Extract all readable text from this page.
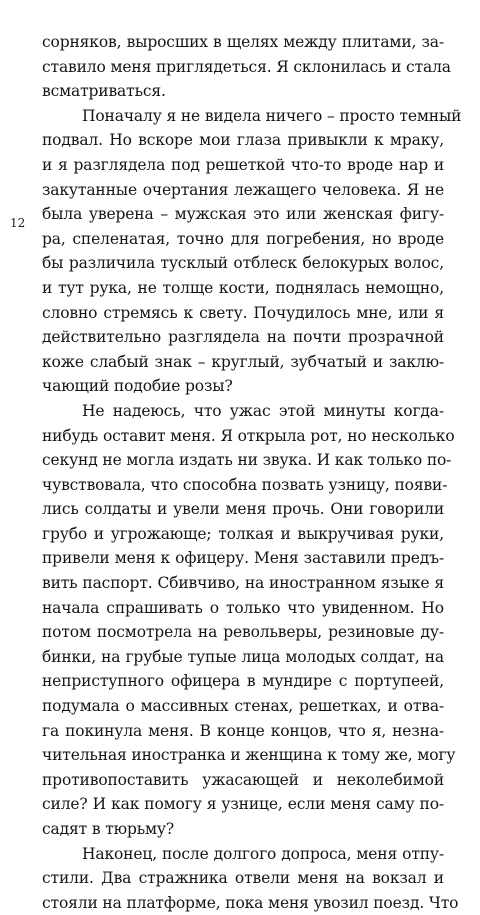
12
сорняков, выросших в щелях между плитами, за-
ставило меня приглядеться. Я склонилась и стала
всматриваться.
Поначалу я не видела ничего – просто темный
подвал. Но вскоре мои глаза привыкли к мраку,
и я разглядела под решеткой что-то вроде нар и
закутанные очертания лежащего человека. Я не
была уверена – мужская это или женская фигу-
ра, спеленатая, точно для погребения, но вроде
бы различила тусклый отблеск белокурых волос,
и тут рука, не толще кости, поднялась немощно,
словно стремясь к свету. Почудилось мне, или я
действительно разглядела на почти прозрачной
коже слабый знак – круглый, зубчатый и заклю-
чающий подобие розы?
Не надеюсь, что ужас этой минуты когда-
нибудь оставит меня. Я открыла рот, но несколько
секунд не могла издать ни звука. И как только по-
чувствовала, что способна позвать узницу, появи-
лись солдаты и увели меня прочь. Они говорили
грубо и угрожающе; толкая и выкручивая руки,
привели меня к офицеру. Меня заставили предъ-
вить паспорт. Сбивчиво, на иностранном языке я
начала спрашивать о только что увиденном. Но
потом посмотрела на револьверы, резиновые ду-
бинки, на грубые тупые лица молодых солдат, на
неприступного офицера в мундире с портупеей,
подумала о массивных стенах, решетках, и отва-
га покинула меня. В конце концов, что я, незна-
чительная иностранка и женщина к тому же, могу
противопоставить ужасающей и неколебимой
силе? И как помогу я узнице, если меня саму по-
садят в тюрьму?
Наконец, после долгого допроса, меня отпу-
стили. Два стражника отвели меня на вокзал и
стояли на платформе, пока меня увозил поезд. Что
